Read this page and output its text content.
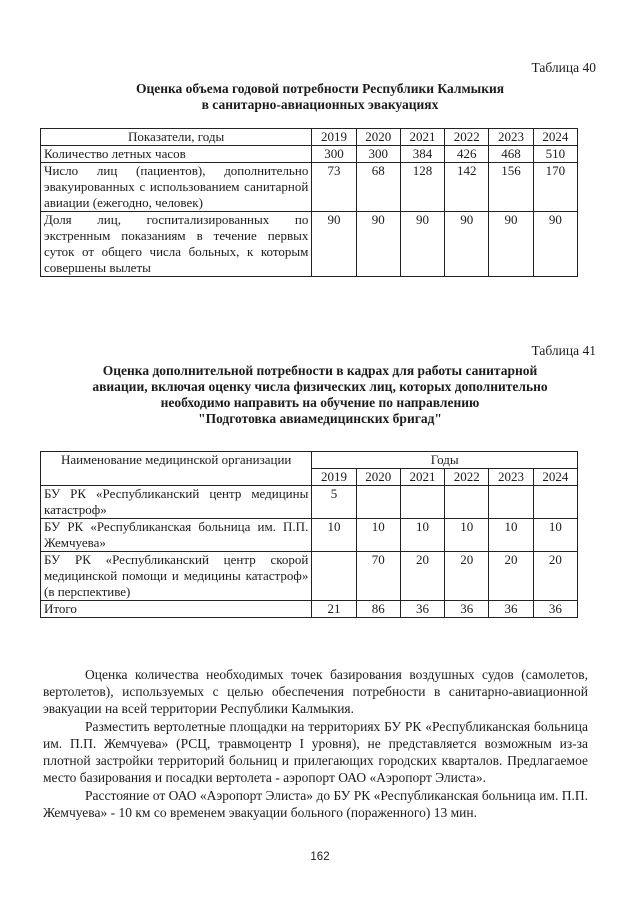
Таблица 40
Оценка объема годовой потребности Республики Калмыкия
в санитарно-авиационных эвакуациях
Показатели, годы	2019	2020	2021	2022	2023	2024
Количество летных часов	300	300	384	426	468	510
Число лиц (пациентов), дополнительно эвакуированных с использованием санитарной авиации (ежегодно, человек)	73	68	128	142	156	170
Доля лиц, госпитализированных по экстренным показаниям в течение первых суток от общего числа больных, к которым совершены вылеты	90	90	90	90	90	90
Таблица 41
Оценка дополнительной потребности в кадрах для работы санитарной
авиации, включая оценку числа физических лиц, которых дополнительно
необходимо направить на обучение по направлению
"Подготовка авиамедицинских бригад"
Наименование медицинской организации	Годы					
	2019	2020	2021	2022	2023	2024
БУ РК «Республиканский центр медицины катастроф»	5					
БУ РК «Республиканская больница им. П.П. Жемчуева»	10	10	10	10	10	10
БУ РК «Республиканский центр скорой медицинской помощи и медицины катастроф» (в перспективе)		70	20	20	20	20
Итого	21	86	36	36	36	36

Оценка количества необходимых точек базирования воздушных судов (самолетов, вертолетов), используемых с целью обеспечения потребности в санитарно-авиационной эвакуации на всей территории Республики Калмыкия.

Разместить вертолетные площадки на территориях БУ РК «Республиканская больница им. П.П. Жемчуева» (РСЦ, травмоцентр I уровня), не представляется возможным из-за плотной застройки территорий больниц и прилегающих городских кварталов. Предлагаемое место базирования и посадки вертолета - аэропорт ОАО «Аэропорт Элиста».

Расстояние от ОАО «Аэропорт Элиста» до БУ РК «Республиканская больница им. П.П. Жемчуева» - 10 км со временем эвакуации больного (пораженного) 13 мин.

162
